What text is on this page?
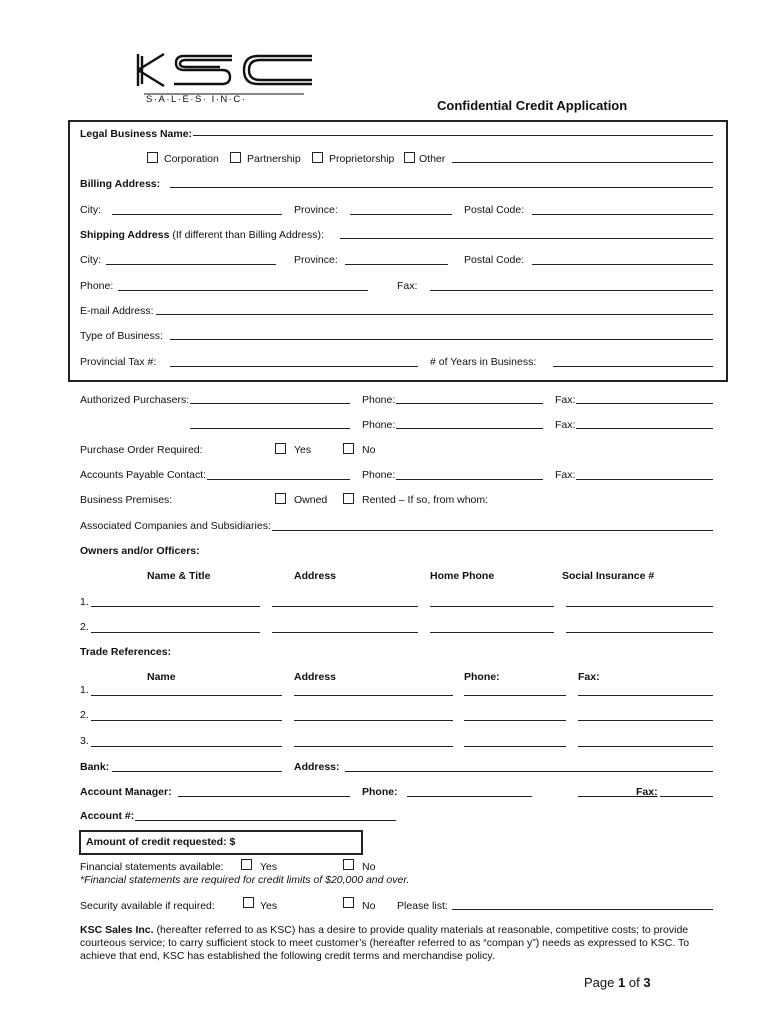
S·A·L·E·S· I·N·C·	Confidential Credit Application
Legal Business Name:
Corporation	Partnership	Proprietorship Other
Billing Address:
City:	Province:	Postal Code:
Shipping Address (If different than Billing Address):
City:	Province:	Postal Code:
Phone:	Fax:
E-mail Address:
Type of Business:
Provincial Tax #:	# of Years in Business:
Authorized Purchasers:	Phone:	Fax:
Phone:	Fax:
Purchase Order Required:	Yes	No
Accounts Payable Contact:	Phone:	Fax:
Business Premises:	Owned	Rented – If so, from whom:
Associated Companies and Subsidiaries:
Owners and/or Officers:
Name & Title	Address	Home Phone	Social Insurance #
1.
2.
Trade References:
Name	Address	Phone:	Fax:
1.
2.
3.
Bank:	Address:
Account Manager:	Phone:	Fax:
Account #:
Amount of credit requested: $
Financial statements available:	Yes	No
*Financial statements are required for credit limits of $20,000 and over.
Security available if required:	Yes	No Please list:
KSC Sales Inc. (hereafter referred to as KSC) has a desire to provide quality materials at reasonable, competitive costs; to provide courteous service; to carry sufficient stock to meet customer’s (hereafter referred to as “compan y”) needs as expressed to KSC. To achieve that end, KSC has established the following credit terms and merchandise policy.
Page 1 of 3
